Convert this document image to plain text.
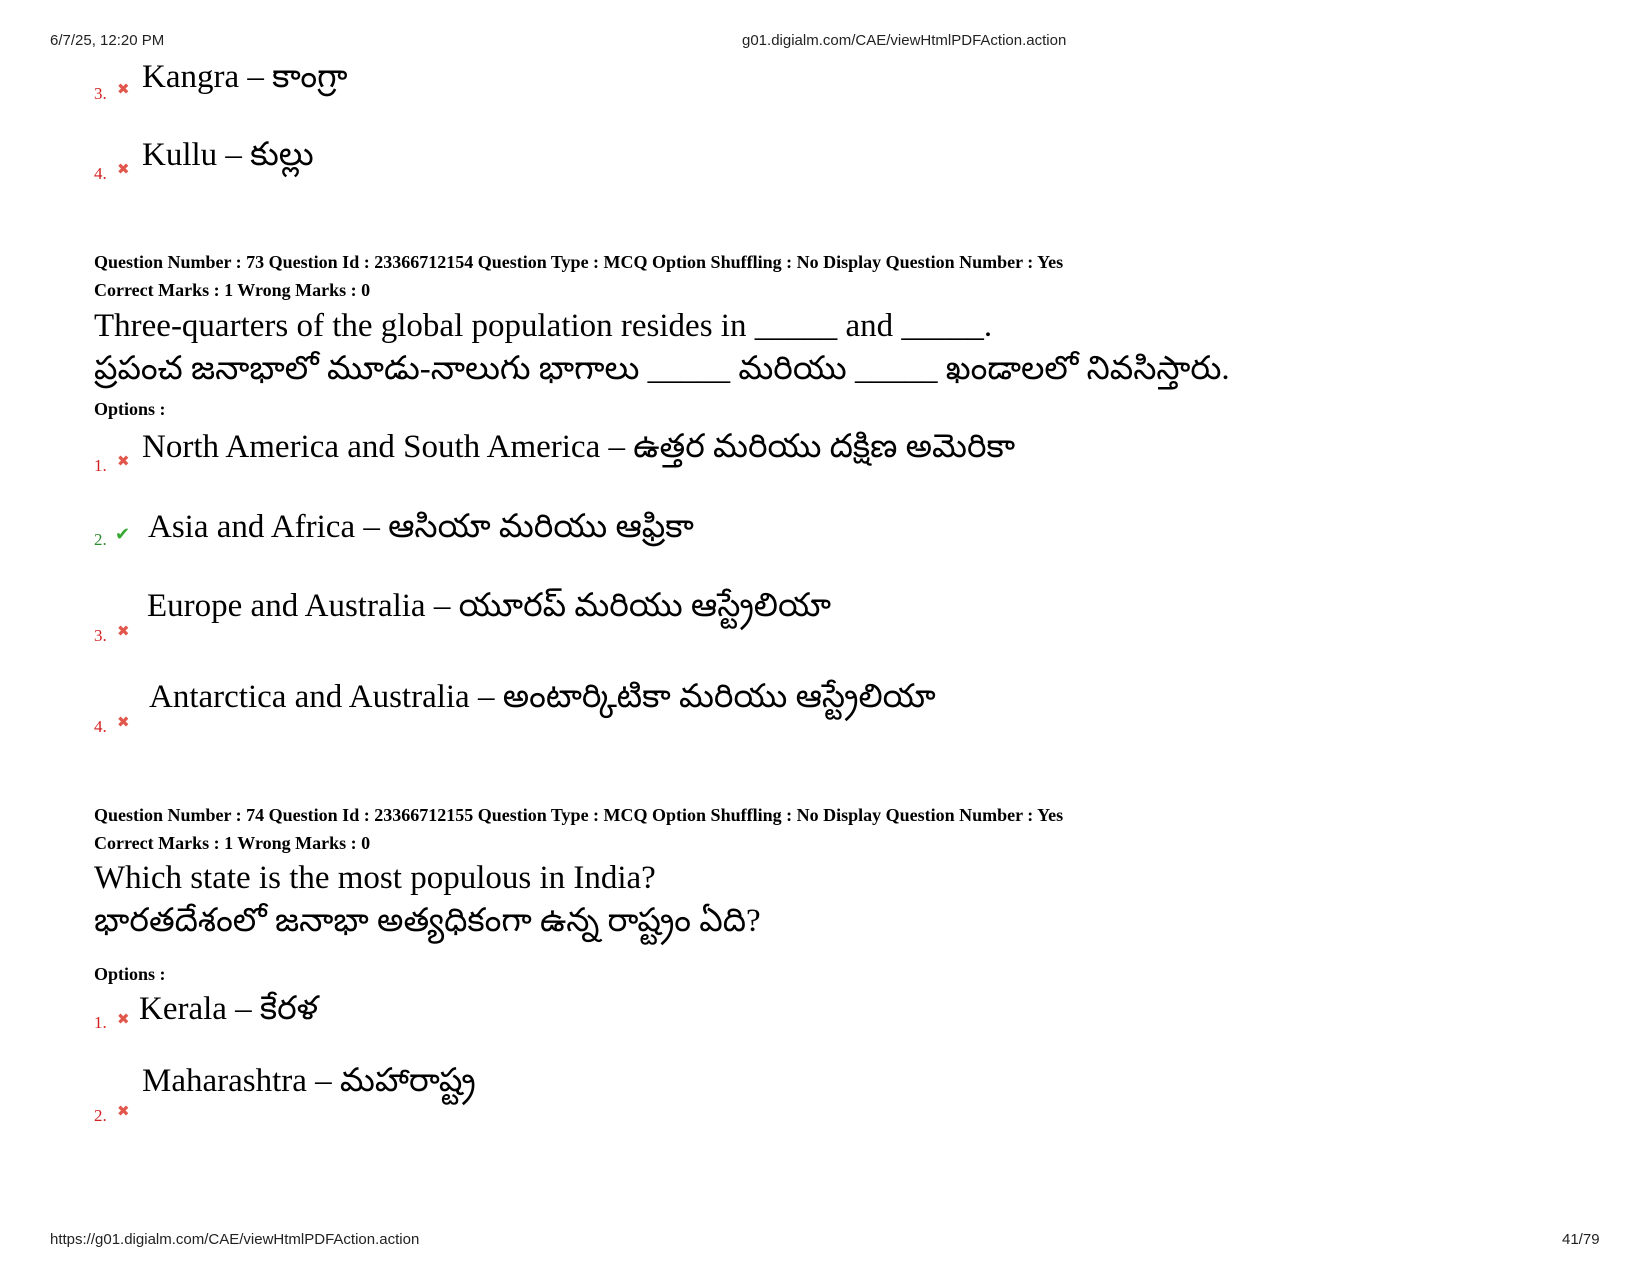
6/7/25, 12:20 PM	g01.digialm.com/CAE/viewHtmlPDFAction.action
3. ✖ Kangra – కాంగ్రా
4. ✖ Kullu – కుల్లు
Question Number : 73 Question Id : 23366712154 Question Type : MCQ Option Shuffling : No Display Question Number : Yes
Correct Marks : 1 Wrong Marks : 0
Three-quarters of the global population resides in _____ and _____.
ప్రపంచ జనాభాలో మూడు-నాలుగు భాగాలు _____ మరియు _____ ఖండాలలో నివసిస్తారు.
Options :
1. ✖ North America and South America – ఉత్తర మరియు దక్షిణ అమెరికా
2. ✔ Asia and Africa – ఆసియా మరియు ఆఫ్రికా
3. ✖
Europe and Australia – యూరప్ మరియు ఆస్ట్రేలియా
4. ✖
Antarctica and Australia – అంటార్కిటికా మరియు ఆస్ట్రేలియా
Question Number : 74 Question Id : 23366712155 Question Type : MCQ Option Shuffling : No Display Question Number : Yes
Correct Marks : 1 Wrong Marks : 0
Which state is the most populous in India?
భారతదేశంలో జనాభా అత్యధికంగా ఉన్న రాష్ట్రం ఏది?
Options :
1. ✖ Kerala – కేరళ
2. ✖
Maharashtra – మహారాష్ట్ర
https://g01.digialm.com/CAE/viewHtmlPDFAction.action	41/79
